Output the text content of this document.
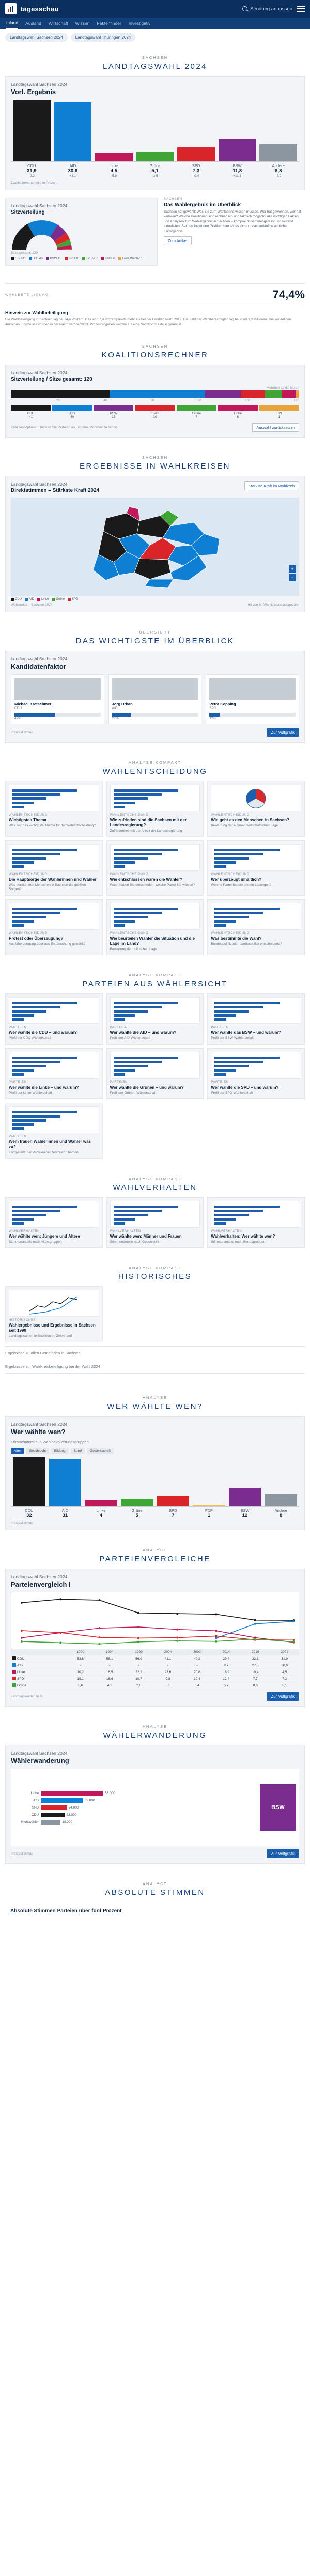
tagesschau	Sendung anpassen
Inland Ausland Wirtschaft Wissen Faktenfinder Investigativ
Landtagswahl Sachsen 2024	Landtagswahl Thüringen 2024
SACHSEN
LANDTAGSWAHL 2024
Landtagswahl Sachsen 2024
Vorl. Ergebnis
CDU
31,9
AfD
30,6
Linke
4,5
Grüne
5,1
SPD
7,3
BSW
11,8
Andere
8,8
-0,2	+3,1	-5,9	-3,5	-0,4	+11,8	-4,9
Zweitstimmenanteile in Prozent
Landtagswahl Sachsen 2024
Sitzverteilung
Sitze gesamt: 120
CDU 41	AfD 40	BSW 15	SPD 10	Grüne 7	Linke 6	Freie Wähler 1
SACHSEN
Das Wahlergebnis im Überblick
Sachsen hat gewählt: Was Sie zum Wahlabend wissen müssen. Wer hat gewonnen, wer hat verloren? Welche Koalitionen sind rechnerisch und faktisch möglich? Alle wichtigen Fakten und Analysen zum Wahlergebnis in Sachsen – kompakt zusammengefasst und laufend aktualisiert. Bei den folgenden Grafiken handelt es sich um das vorläufige amtliche Endergebnis.
Zum Artikel
WAHLBETEILIGUNG	74,4%
Hinweis zur Wahlbeteiligung
Die Wahlbeteiligung in Sachsen lag bei 74,4 Prozent. Das sind 7,9 Prozentpunkte mehr als bei der Landtagswahl 2019. Die Zahl der Wahlberechtigten lag bei rund 3,3 Millionen. Die vorläufigen amtlichen Ergebnisse wurden in der Nacht veröffentlicht. Prozentangaben werden auf eine Nachkommastelle gerundet.
SACHSEN
KOALITIONSRECHNER
Landtagswahl Sachsen 2024
Sitzverteilung / Sitze gesamt: 120
Mehrheit ab 61 Sitzen
0	20	40	60	80	100	120
CDU
41
AfD
40
BSW
15
SPD
10
Grüne
7
Linke
6
FW
1
Koalitionsoptionen: Klicken Sie Parteien an, um eine Mehrheit zu bilden.	Auswahl zurücksetzen
SACHSEN
ERGEBNISSE IN WAHLKREISEN
Landtagswahl Sachsen 2024
Direktstimmen – Stärkste Kraft 2024
Stärkste Kraft im Wahlkreis
+
−
CDU	AfD	Linke	Grüne	SPD
Wahlkreise – Sachsen 2024	60 von 60 Wahlkreisen ausgezählt
ÜBERSICHT
DAS WICHTIGSTE IM ÜBERBLICK
Landtagswahl Sachsen 2024
Kandidatenfaktor
Michael Kretschmer
CDU
47%
Jörg Urban
AfD
22%
Petra Köpping
SPD
12%
Infratest dimap	Zur Vollgrafik
ANALYSE KOMPAKT
WAHLENTSCHEIDUNG
WAHLENTSCHEIDUNG
Wichtigstes Thema
Was war das wichtigste Thema für die Wahlentscheidung?
WAHLENTSCHEIDUNG
Wie zufrieden sind die Sachsen mit der Landesregierung?
Zufriedenheit mit der Arbeit der Landesregierung
WAHLENTSCHEIDUNG
Wie geht es den Menschen in Sachsen?
Bewertung der eigenen wirtschaftlichen Lage
WAHLENTSCHEIDUNG
Die Hauptsorge der Wählerinnen und Wähler
Was bereitet den Menschen in Sachsen die größten Sorgen?
WAHLENTSCHEIDUNG
Wie entschlossen waren die Wähler?
Wann haben Sie entschieden, welche Partei Sie wählen?
WAHLENTSCHEIDUNG
Wer überzeugt inhaltlich?
Welche Partei hat die besten Lösungen?
WAHLENTSCHEIDUNG
Protest oder Überzeugung?
Aus Überzeugung oder aus Enttäuschung gewählt?
WAHLENTSCHEIDUNG
Wie beurteilen Wähler die Situation und die Lage im Land?
Bewertung der politischen Lage
WAHLENTSCHEIDUNG
Was bestimmte die Wahl?
Bundespolitik oder Landespolitik entscheidend?
ANALYSE KOMPAKT
PARTEIEN AUS WÄHLERSICHT
PARTEIEN
Wer wählte die CDU – und warum?
Profil der CDU-Wählerschaft
PARTEIEN
Wer wählte die AfD – und warum?
Profil der AfD-Wählerschaft
PARTEIEN
Wer wählte das BSW – und warum?
Profil der BSW-Wählerschaft
PARTEIEN
Wer wählte die Linke – und warum?
Profil der Linke-Wählerschaft
PARTEIEN
Wer wählte die Grünen – und warum?
Profil der Grünen-Wählerschaft
PARTEIEN
Wer wählte die SPD – und warum?
Profil der SPD-Wählerschaft
PARTEIEN
Wem trauen Wählerinnen und Wähler was zu?
Kompetenz der Parteien bei zentralen Themen
ANALYSE KOMPAKT
WAHLVERHALTEN
WAHLVERHALTEN
Wer wählte wen: Jüngere und Ältere
Stimmenanteile nach Altersgruppen
WAHLVERHALTEN
Wer wählte wen: Männer und Frauen
Stimmenanteile nach Geschlecht
WAHLVERHALTEN
Wahlverhalten: Wer wählte wen?
Stimmenanteile nach Berufsgruppen
ANALYSE KOMPAKT
HISTORISCHES
HISTORISCHES
Wahlergebnisse und Ergebnisse in Sachsen seit 1990
Landtagswahlen in Sachsen im Zeitverlauf
Ergebnisse zu allen Gemeinden in Sachsen
Ergebnisse zur Wahlkreisbeteiligung bei der Wahl 2024
ANALYSE
WER WÄHLTE WEN?
Landtagswahl Sachsen 2024
Wer wählte wen?
Stimmenanteile in Wahlbevölkerungsgruppen
Alter	Geschlecht	Bildung	Beruf	Gewerkschaft
CDU
32
AfD
31
Linke
4
Grüne
5
SPD
7
FDP
1
BSW
12
Andere
8
Infratest dimap
ANALYSE
PARTEIENVERGLEICHE
Landtagswahl Sachsen 2024
Parteienvergleich I
	1990	1994	1999	2004	2009	2014	2019	2024
CDU	53,8	58,1	56,9	41,1	40,2	39,4	32,1	31,9
AfD	-	-	-	-	-	9,7	27,5	30,6
Linke	10,2	16,5	22,2	23,6	20,6	18,9	10,4	4,5
SPD	19,1	16,6	10,7	9,8	10,4	12,4	7,7	7,3
Grüne	5,6	4,1	2,6	5,1	6,4	5,7	8,6	5,1
Landtagswahlen in %	Zur Vollgrafik
ANALYSE
WÄHLERWANDERUNG
Landtagswahl Sachsen 2024
Wählerwanderung
Linke	58.000
AfD	39.000
SPD	24.000
CDU	22.000
Nichtwähler	18.000
BSW
Infratest dimap	Zur Vollgrafik
ANALYSE
ABSOLUTE STIMMEN
Absolute Stimmen Parteien über fünf Prozent
